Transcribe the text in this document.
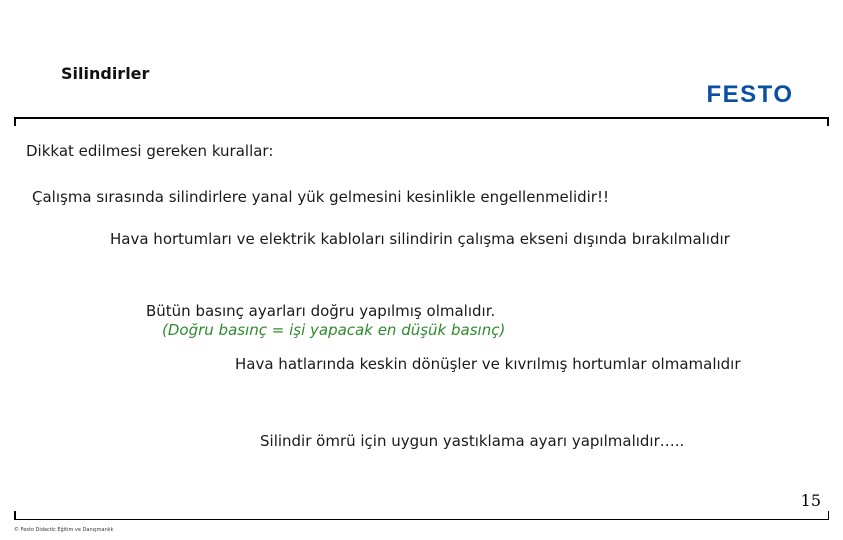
Silindirler
FESTO
Dikkat edilmesi gereken kurallar:
Çalışma sırasında silindirlere yanal yük gelmesini kesinlikle engellenmelidir!!
Hava hortumları ve elektrik kabloları silindirin çalışma ekseni dışında bırakılmalıdır
Bütün basınç ayarları doğru yapılmış olmalıdır.
(Doğru basınç = işi yapacak en düşük basınç)
Hava hatlarında keskin dönüşler ve kıvrılmış hortumlar olmamalıdır
Silindir ömrü için uygun yastıklama ayarı yapılmalıdır…..
15
© Festo Didactic Eğitim ve Danışmanlık
